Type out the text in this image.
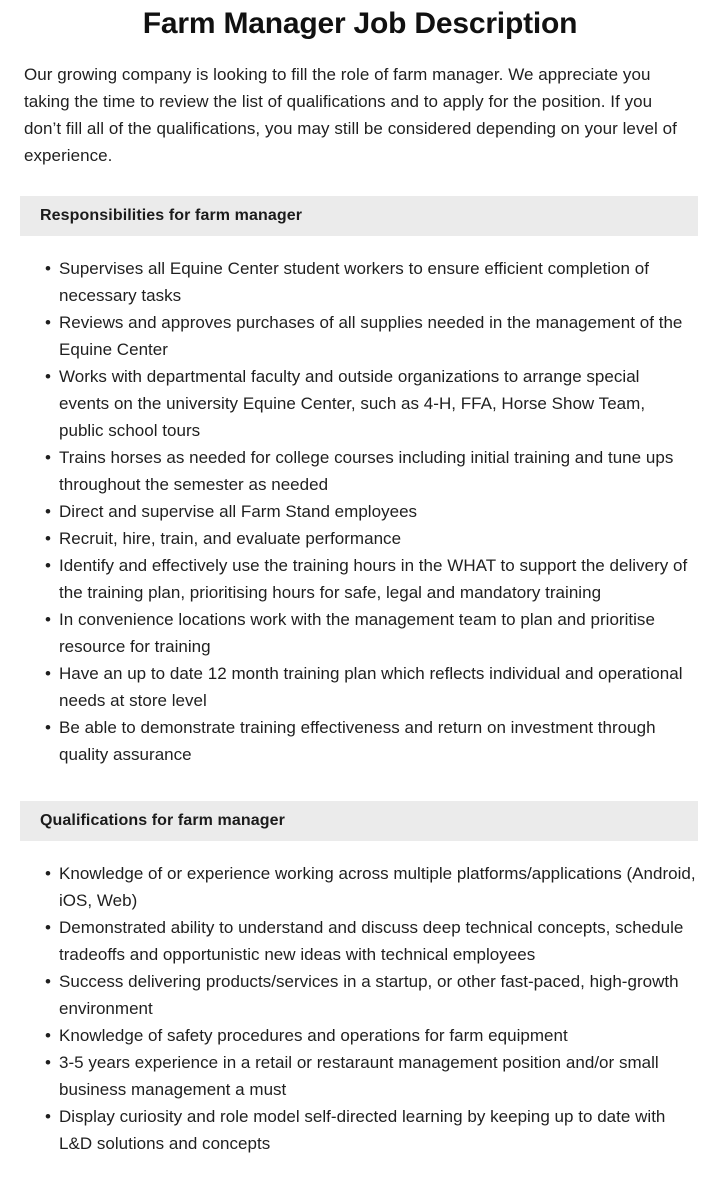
Farm Manager Job Description

Our growing company is looking to fill the role of farm manager. We appreciate you taking the time to review the list of qualifications and to apply for the position. If you don’t fill all of the qualifications, you may still be considered depending on your level of experience.

Responsibilities for farm manager
• Supervises all Equine Center student workers to ensure efficient completion of necessary tasks
• Reviews and approves purchases of all supplies needed in the management of the Equine Center
• Works with departmental faculty and outside organizations to arrange special events on the university Equine Center, such as 4-H, FFA, Horse Show Team, public school tours
• Trains horses as needed for college courses including initial training and tune ups throughout the semester as needed
• Direct and supervise all Farm Stand employees
• Recruit, hire, train, and evaluate performance
• Identify and effectively use the training hours in the WHAT to support the delivery of the training plan, prioritising hours for safe, legal and mandatory training
• In convenience locations work with the management team to plan and prioritise resource for training
• Have an up to date 12 month training plan which reflects individual and operational needs at store level
• Be able to demonstrate training effectiveness and return on investment through quality assurance
Qualifications for farm manager
• Knowledge of or experience working across multiple platforms/applications (Android, iOS, Web)
• Demonstrated ability to understand and discuss deep technical concepts, schedule tradeoffs and opportunistic new ideas with technical employees
• Success delivering products/services in a startup, or other fast-paced, high-growth environment
• Knowledge of safety procedures and operations for farm equipment
• 3-5 years experience in a retail or restaraunt management position and/or small business management a must
• Display curiosity and role model self-directed learning by keeping up to date with L&D solutions and concepts
